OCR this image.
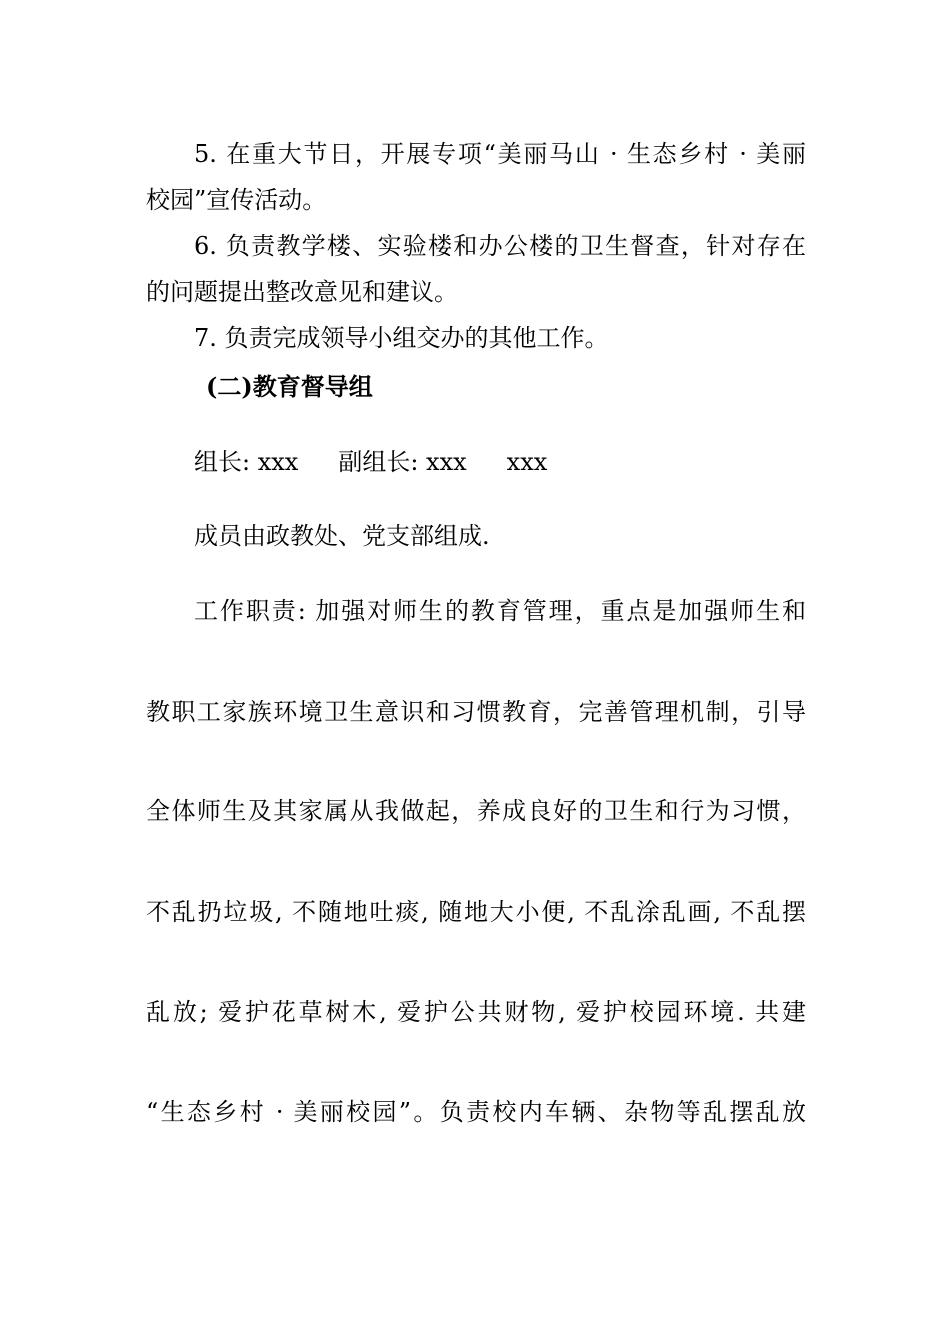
5. 在重大节日，开展专项“美丽马山 · 生态乡村 · 美丽
校园”宣传活动。
6. 负责教学楼、实验楼和办公楼的卫生督查，针对存在
的问题提出整改意见和建议。
7. 负责完成领导小组交办的其他工作。
(二)教育督导组
组长: xxx 副组长: xxx xxx
成员由政教处、党支部组成.
工作职责: 加强对师生的教育管理，重点是加强师生和
教职工家族环境卫生意识和习惯教育，完善管理机制，引导
全体师生及其家属从我做起，养成良好的卫生和行为习惯，
不乱扔垃圾, 不随地吐痰, 随地大小便, 不乱涂乱画, 不乱摆
乱放; 爱护花草树木, 爱护公共财物, 爱护校园环境. 共建
“生态乡村 · 美丽校园”。负责校内车辆、杂物等乱摆乱放
